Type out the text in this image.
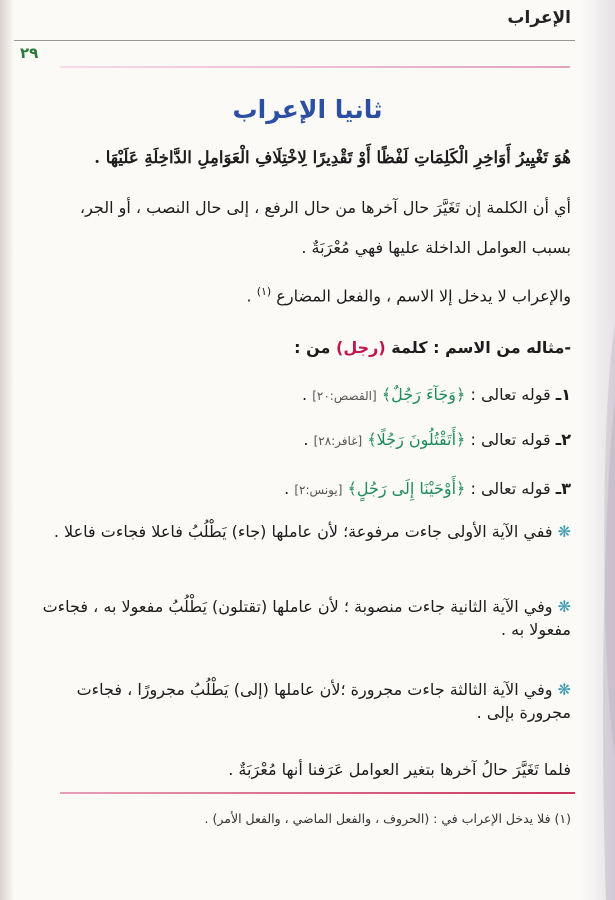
الإعراب
٢٩
ثانيا الإعراب

هُوَ تَغْيِيرُ أَوَاخِرِ الْكَلِمَاتِ لَفْظًا أَوْ تَقْدِيرًا لِاخْتِلَافِ الْعَوَامِلِ الدَّاخِلَةِ عَلَيْهَا .

أي أن الكلمة إن تَغَيَّرَ حال آخرها من حال الرفع ، إلى حال النصب ، أو الجر،

بسبب العوامل الداخلة عليها فهي مُعْرَبَةٌ .

والإعراب لا يدخل إلا الاسم ، والفعل المضارع $^{(١)}$ .

-مثاله من الاسم : كلمة (رجل) من :

١ـ قوله تعالى : ﴿وَجَآءَ رَجُلٌ﴾ [القصص:٢٠] .

٢ـ قوله تعالى : ﴿أَتَقْتُلُونَ رَجُلًا﴾ [غافر:٢٨] .

٣ـ قوله تعالى : ﴿أَوْحَيْنَا إِلَى رَجُلٍ﴾ [يونس:٢] .

❋ ففي الآية الأولى جاءت مرفوعة؛ لأن عاملها (جاء) يَطْلُبُ فاعلا فجاءت فاعلا .

❋ وفي الآية الثانية جاءت منصوبة ؛ لأن عاملها (تقتلون) يَطْلُبُ مفعولا به ، فجاءت مفعولا به .

❋ وفي الآية الثالثة جاءت مجرورة ؛لأن عاملها (إلى) يَطْلُبُ مجرورًا ، فجاءت مجرورة بإلى .

فلما تَغَيَّرَ حالُ آخرها بتغير العوامل عَرَفنا أنها مُعْرَبَةٌ .

(١) فلا يدخل الإعراب في : (الحروف ، والفعل الماضي ، والفعل الأمر) .
